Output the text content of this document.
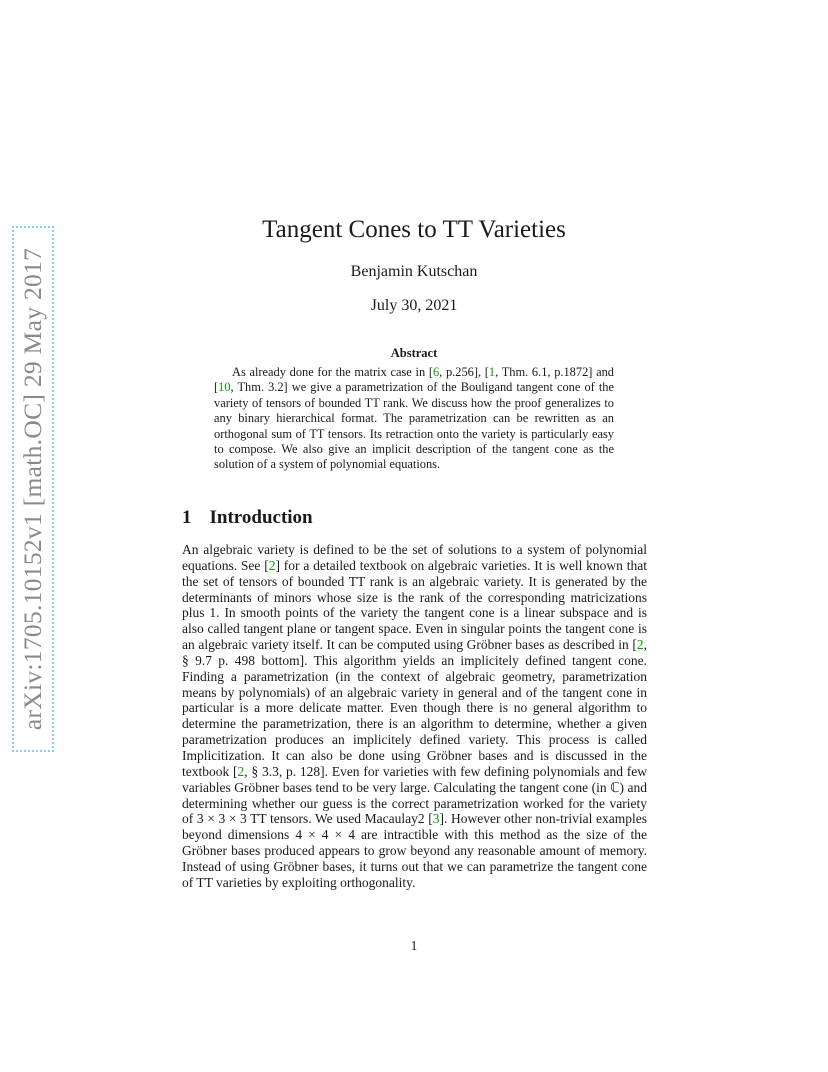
arXiv:1705.10152v1 [math.OC] 29 May 2017
Tangent Cones to TT Varieties
Benjamin Kutschan
July 30, 2021
Abstract
As already done for the matrix case in [6, p.256], [1, Thm. 6.1, p.1872] and [10, Thm. 3.2] we give a parametrization of the Bouligand tangent cone of the variety of tensors of bounded TT rank. We discuss how the proof generalizes to any binary hierarchical format. The parametrization can be rewritten as an orthogonal sum of TT tensors. Its retraction onto the variety is particularly easy to compose. We also give an implicit description of the tangent cone as the solution of a system of polynomial equations.
1 Introduction
An algebraic variety is defined to be the set of solutions to a system of polynomial equations. See [2] for a detailed textbook on algebraic varieties. It is well known that the set of tensors of bounded TT rank is an algebraic variety. It is generated by the determinants of minors whose size is the rank of the corresponding matricizations plus 1. In smooth points of the variety the tangent cone is a linear subspace and is also called tangent plane or tangent space. Even in singular points the tangent cone is an algebraic variety itself. It can be computed using Gröbner bases as described in [2, § 9.7 p. 498 bottom]. This algorithm yields an implicitely defined tangent cone. Finding a parametrization (in the context of algebraic geometry, parametrization means by polynomials) of an algebraic variety in general and of the tangent cone in particular is a more delicate matter. Even though there is no general algorithm to determine the parametrization, there is an algorithm to determine, whether a given parametrization produces an implicitely defined variety. This process is called Implicitization. It can also be done using Gröbner bases and is discussed in the textbook [2, § 3.3, p. 128]. Even for varieties with few defining polynomials and few variables Gröbner bases tend to be very large. Calculating the tangent cone (in ℂ) and determining whether our guess is the correct parametrization worked for the variety of 3 × 3 × 3 TT tensors. We used Macaulay2 [3]. However other non-trivial examples beyond dimensions 4 × 4 × 4 are intractible with this method as the size of the Gröbner bases produced appears to grow beyond any reasonable amount of memory. Instead of using Gröbner bases, it turns out that we can parametrize the tangent cone of TT varieties by exploiting orthogonality.
1
